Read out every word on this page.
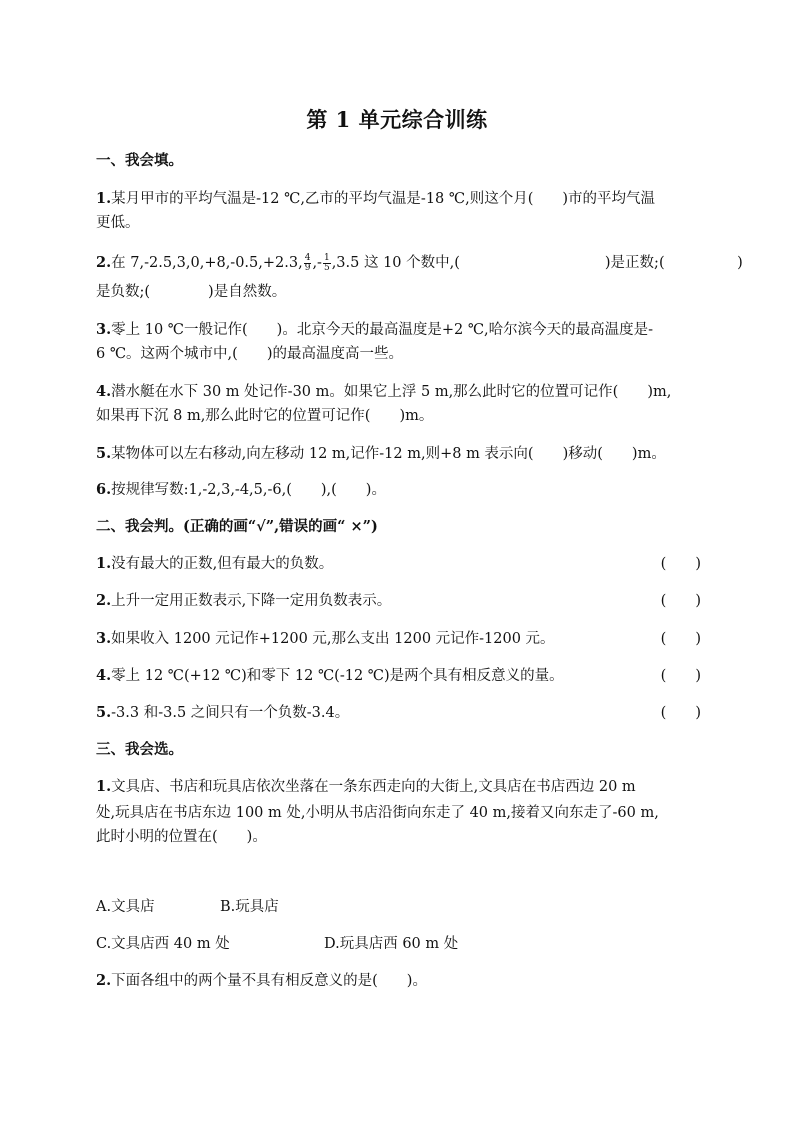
第 1 单元综合训练
一、我会填。
1.某月甲市的平均气温是-12 ℃,乙市的平均气温是-18 ℃,则这个月(　　)市的平均气温
更低。
2.在 7,-2.5,3,0,+8,-0.5,+2.3, $\frac{4}{9}$ ,- $\frac{1}{5} ,3.5$ 这 10 个数中,(　　　　　　　　　　)是正数;(　　　　　)
是负数;(　　　　)是自然数。
3.零上 10 ℃一般记作(　　)。北京今天的最高温度是+2 ℃,哈尔滨今天的最高温度是-
6 ℃。这两个城市中,(　　)的最高温度高一些。
4.潜水艇在水下 30 m 处记作-30 m。如果它上浮 5 m,那么此时它的位置可记作(　　)m,
如果再下沉 8 m,那么此时它的位置可记作(　　)m。
5.某物体可以左右移动,向左移动 12 m,记作-12 m,则+8 m 表示向(　　)移动(　　)m。
6.按规律写数:1,-2,3,-4,5,-6,(　　),(　　)。
二、我会判。(正确的画“√”,错误的画“ ×”)
1.没有最大的正数,但有最大的负数。	(　　)
2.上升一定用正数表示,下降一定用负数表示。	(　　)
3.如果收入 1200 元记作+1200 元,那么支出 1200 元记作-1200 元。	(　　)
4.零上 12 ℃(+12 ℃)和零下 12 ℃(-12 ℃)是两个具有相反意义的量。	(　　)
5.-3.3 和-3.5 之间只有一个负数-3.4。	(　　)
三、我会选。
1.文具店、书店和玩具店依次坐落在一条东西走向的大街上,文具店在书店西边 20 m
处,玩具店在书店东边 100 m 处,小明从书店沿街向东走了 40 m,接着又向东走了-60 m,
此时小明的位置在(　　)。
A.文具店	B.玩具店
C.文具店西 40 m 处	D.玩具店西 60 m 处
2.下面各组中的两个量不具有相反意义的是(　　)。
